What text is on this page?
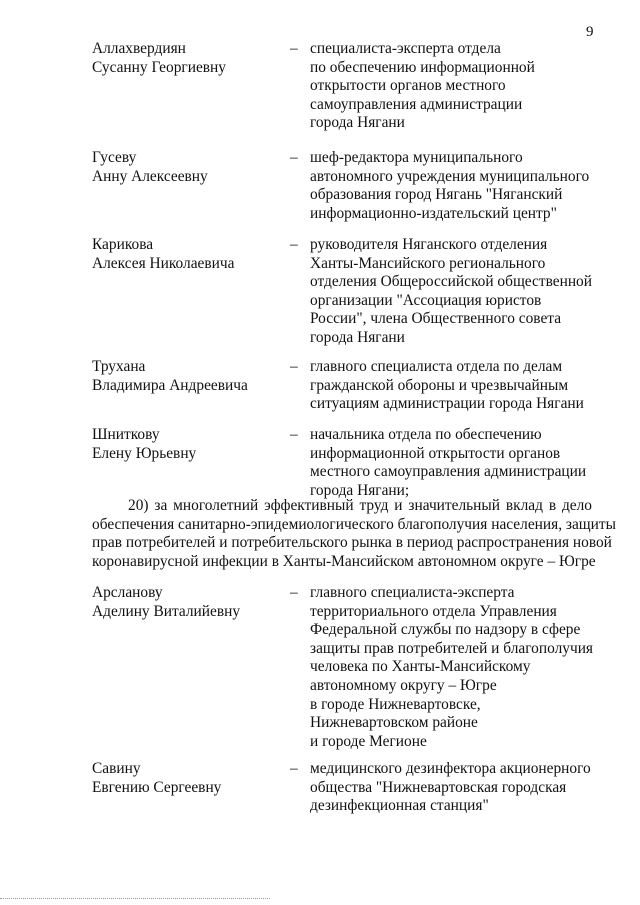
9
Аллахвердиян
Сусанну Георгиевну
– специалиста-эксперта отдела
по обеспечению информационной
открытости органов местного
самоуправления администрации
города Нягани
Гусеву
Анну Алексеевну
– шеф-редактора муниципального
автономного учреждения муниципального
образования город Нягань "Няганский
информационно-издательский центр"
Карикова
Алексея Николаевича
– руководителя Няганского отделения
Ханты-Мансийского регионального
отделения Общероссийской общественной
организации "Ассоциация юристов
России", члена Общественного совета
города Нягани
Трухана
Владимира Андреевича
– главного специалиста отдела по делам
гражданской обороны и чрезвычайным
ситуациям администрации города Нягани
Шниткову
Елену Юрьевну
– начальника отдела по обеспечению
информационной открытости органов
местного самоуправления администрации
города Нягани;
20) за многолетний эффективный труд и значительный вклад в дело
обеспечения санитарно-эпидемиологического благополучия населения, защиты
прав потребителей и потребительского рынка в период распространения новой
коронавирусной инфекции в Ханты-Мансийском автономном округе – Югре
Арсланову
Аделину Виталийевну
– главного специалиста-эксперта
территориального отдела Управления
Федеральной службы по надзору в сфере
защиты прав потребителей и благополучия
человека по Ханты-Мансийскому
автономному округу – Югре
в городе Нижневартовске,
Нижневартовском районе
и городе Мегионе
Савину
Евгению Сергеевну
– медицинского дезинфектора акционерного
общества "Нижневартовская городская
дезинфекционная станция"
